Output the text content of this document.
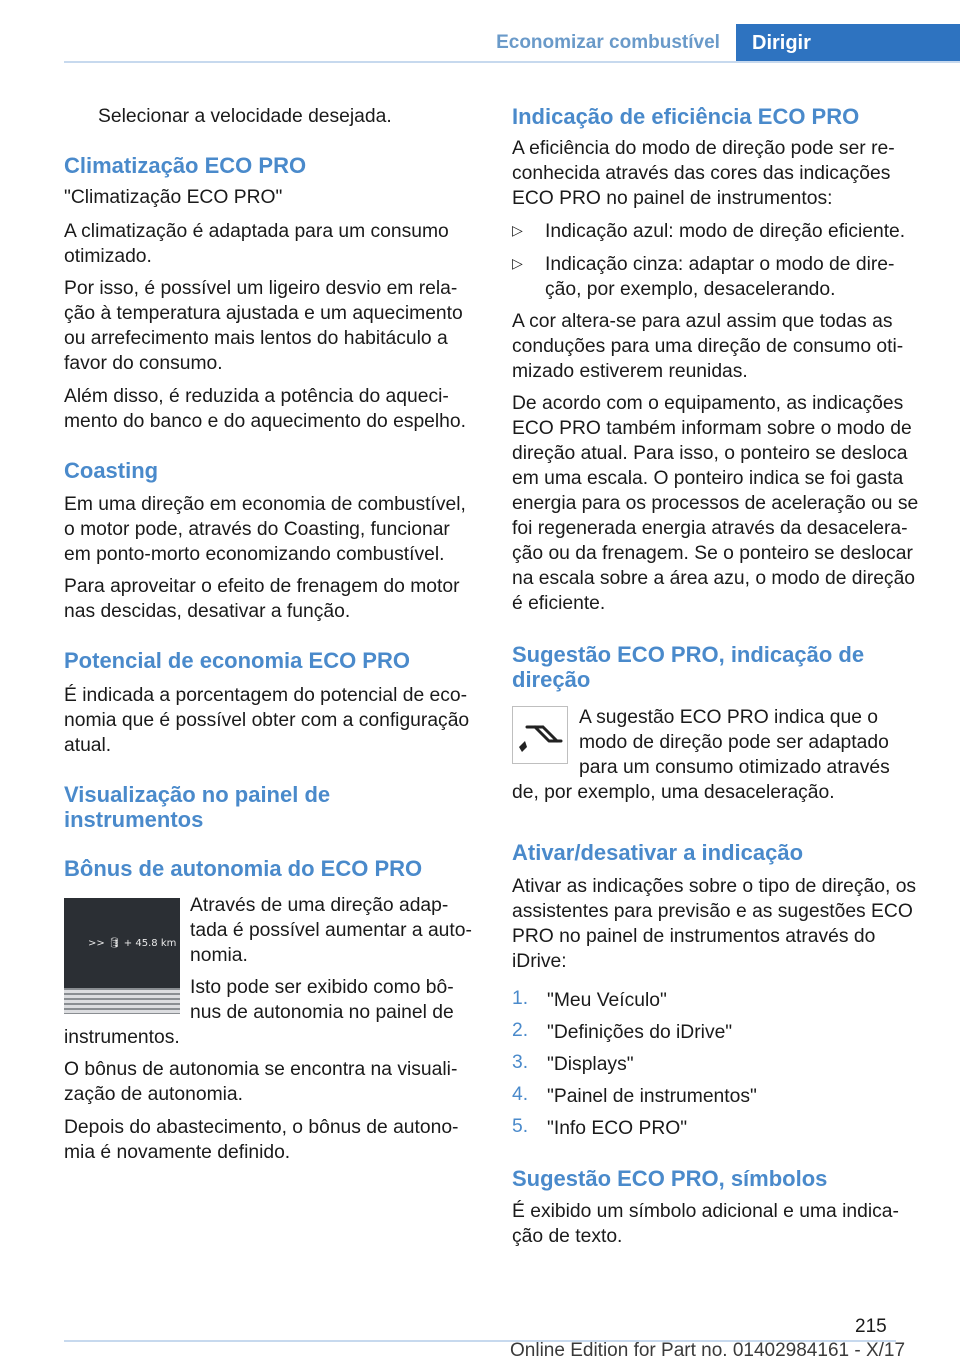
Economizar combustível	Dirigir

Selecionar a velocidade desejada.

Climatização ECO PRO

"Climatização ECO PRO"

A climatização é adaptada para um consumo

otimizado.

Por isso, é possível um ligeiro desvio em rela-

ção à temperatura ajustada e um aquecimento

ou arrefecimento mais lentos do habitáculo a

favor do consumo.

Além disso, é reduzida a potência do aqueci-

mento do banco e do aquecimento do espelho.

Coasting

Em uma direção em economia de combustível,

o motor pode, através do Coasting, funcionar

em ponto-morto economizando combustível.

Para aproveitar o efeito de frenagem do motor

nas descidas, desativar a função.

Potencial de economia ECO PRO

É indicada a porcentagem do potencial de eco-

nomia que é possível obter com a configuração

atual.

Visualização no painel de
instrumentos
Bônus de autonomia do ECO PRO
>> 🛢 + 45.8 km

Através de uma direção adap-

tada é possível aumentar a auto-

nomia.

Isto pode ser exibido como bô-

nus de autonomia no painel de

instrumentos.

O bônus de autonomia se encontra na visuali-

zação de autonomia.

Depois do abastecimento, o bônus de autono-

mia é novamente definido.

Indicação de eficiência ECO PRO

A eficiência do modo de direção pode ser re-

conhecida através das cores das indicações

ECO PRO no painel de instrumentos:

▷	Indicação azul: modo de direção eficiente.

▷	Indicação cinza: adaptar o modo de dire-

ção, por exemplo, desacelerando.

A cor altera-se para azul assim que todas as

conduções para uma direção de consumo oti-

mizado estiverem reunidas.

De acordo com o equipamento, as indicações

ECO PRO também informam sobre o modo de

direção atual. Para isso, o ponteiro se desloca

em uma escala. O ponteiro indica se foi gasta

energia para os processos de aceleração ou se

foi regenerada energia através da desacelera-

ção ou da frenagem. Se o ponteiro se deslocar

na escala sobre a área azu, o modo de direção

é eficiente.

Sugestão ECO PRO, indicação de
direção

A sugestão ECO PRO indica que o

modo de direção pode ser adaptado

para um consumo otimizado através

de, por exemplo, uma desaceleração.

Ativar/desativar a indicação

Ativar as indicações sobre o tipo de direção, os

assistentes para previsão e as sugestões ECO

PRO no painel de instrumentos através do

iDrive:

1. "Meu Veículo"

2. "Definições do iDrive"

3. "Displays"

4. "Painel de instrumentos"

5. "Info ECO PRO"

Sugestão ECO PRO, símbolos

É exibido um símbolo adicional e uma indica-

ção de texto.

215
Online Edition for Part no. 01402984161 - X/17
